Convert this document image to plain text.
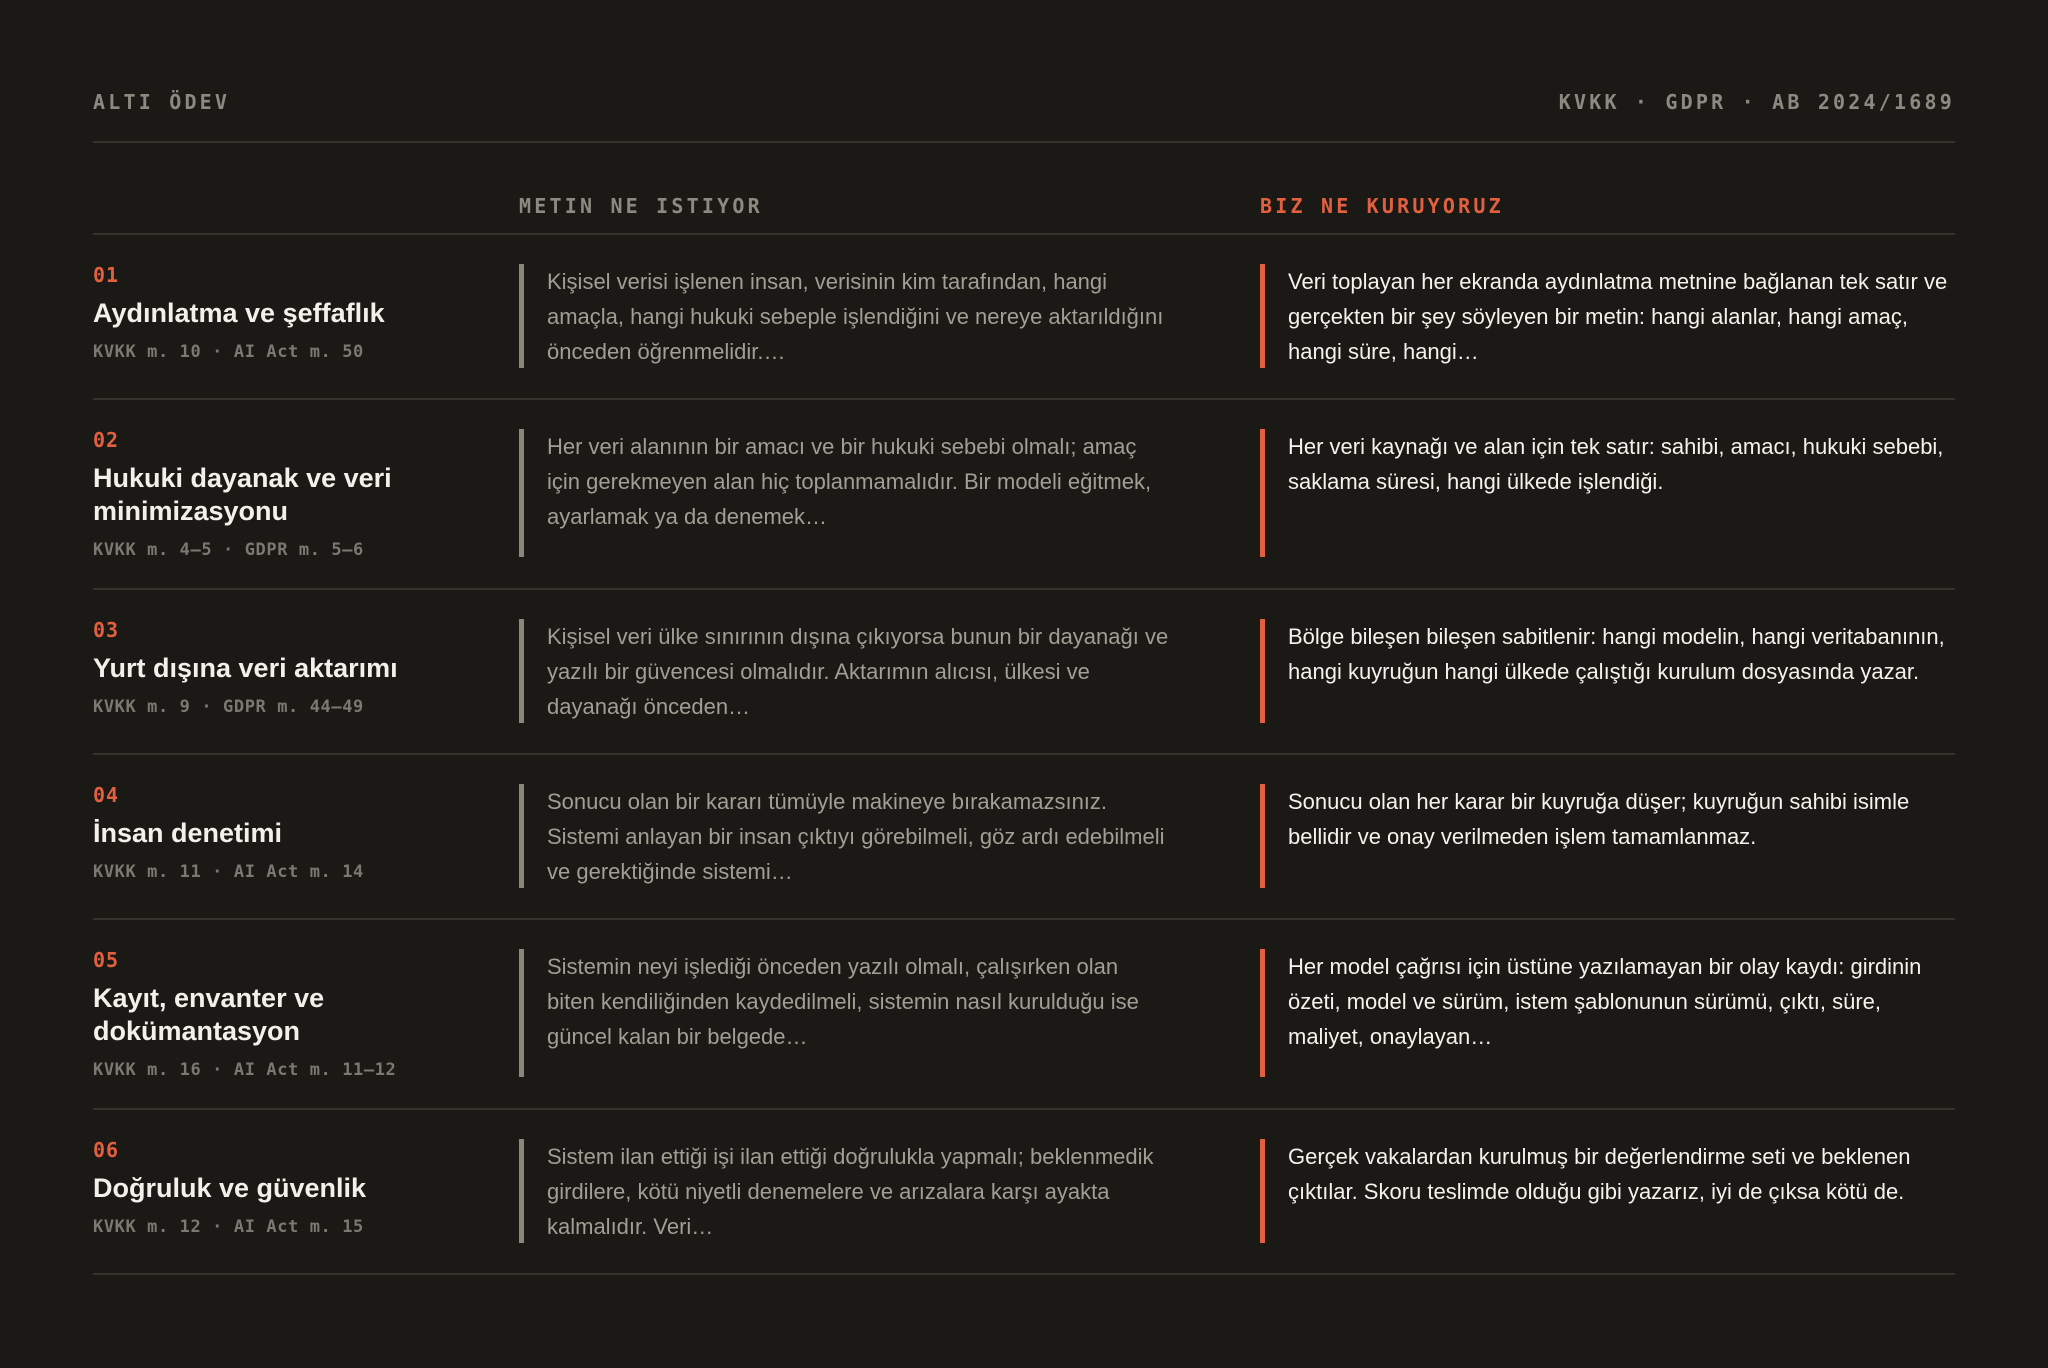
ALTI ÖDEV	KVKK · GDPR · AB 2024/1689
METIN NE ISTIYOR	BIZ NE KURUYORUZ
01
Aydınlatma ve şeffaflık
KVKK m. 10 · AI Act m. 50
Kişisel verisi işlenen insan, verisinin kim tarafından, hangi amaçla, hangi hukuki sebeple işlendiğini ve nereye aktarıldığını önceden öğrenmelidir.…
Veri toplayan her ekranda aydınlatma metnine bağlanan tek satır ve gerçekten bir şey söyleyen bir metin: hangi alanlar, hangi amaç, hangi süre, hangi…
02
Hukuki dayanak ve veri minimizasyonu
KVKK m. 4–5 · GDPR m. 5–6
Her veri alanının bir amacı ve bir hukuki sebebi olmalı; amaç için gerekmeyen alan hiç toplanmamalıdır. Bir modeli eğitmek, ayarlamak ya da denemek…
Her veri kaynağı ve alan için tek satır: sahibi, amacı, hukuki sebebi, saklama süresi, hangi ülkede işlendiği.
03
Yurt dışına veri aktarımı
KVKK m. 9 · GDPR m. 44–49
Kişisel veri ülke sınırının dışına çıkıyorsa bunun bir dayanağı ve yazılı bir güvencesi olmalıdır. Aktarımın alıcısı, ülkesi ve dayanağı önceden…
Bölge bileşen bileşen sabitlenir: hangi modelin, hangi veritabanının, hangi kuyruğun hangi ülkede çalıştığı kurulum dosyasında yazar.
04
İnsan denetimi
KVKK m. 11 · AI Act m. 14
Sonucu olan bir kararı tümüyle makineye bırakamazsınız. Sistemi anlayan bir insan çıktıyı görebilmeli, göz ardı edebilmeli ve gerektiğinde sistemi…
Sonucu olan her karar bir kuyruğa düşer; kuyruğun sahibi isimle bellidir ve onay verilmeden işlem tamamlanmaz.
05
Kayıt, envanter ve dokümantasyon
KVKK m. 16 · AI Act m. 11–12
Sistemin neyi işlediği önceden yazılı olmalı, çalışırken olan biten kendiliğinden kaydedilmeli, sistemin nasıl kurulduğu ise güncel kalan bir belgede…
Her model çağrısı için üstüne yazılamayan bir olay kaydı: girdinin özeti, model ve sürüm, istem şablonunun sürümü, çıktı, süre, maliyet, onaylayan…
06
Doğruluk ve güvenlik
KVKK m. 12 · AI Act m. 15
Sistem ilan ettiği işi ilan ettiği doğrulukla yapmalı; beklenmedik girdilere, kötü niyetli denemelere ve arızalara karşı ayakta kalmalıdır. Veri…
Gerçek vakalardan kurulmuş bir değerlendirme seti ve beklenen çıktılar. Skoru teslimde olduğu gibi yazarız, iyi de çıksa kötü de.
